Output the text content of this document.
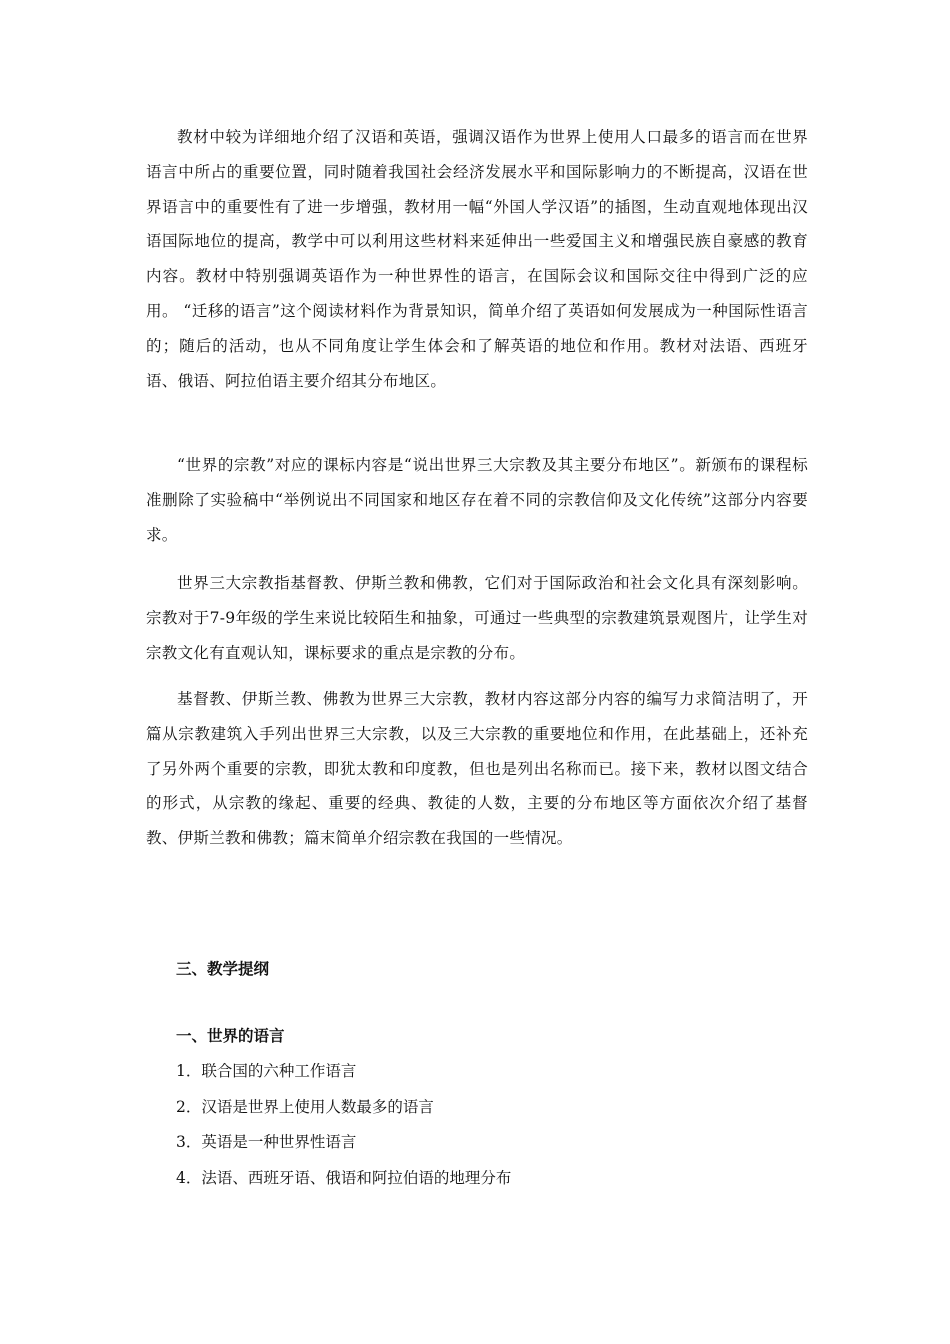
教材中较为详细地介绍了汉语和英语，强调汉语作为世界上使用人口最多的语言而在世界语言中所占的重要位置，同时随着我国社会经济发展水平和国际影响力的不断提高，汉语在世界语言中的重要性有了进一步增强，教材用一幅“外国人学汉语”的插图，生动直观地体现出汉语国际地位的提高，教学中可以利用这些材料来延伸出一些爱国主义和增强民族自豪感的教育内容。教材中特别强调英语作为一种世界性的语言，在国际会议和国际交往中得到广泛的应用。 “迁移的语言”这个阅读材料作为背景知识，简单介绍了英语如何发展成为一种国际性语言的；随后的活动，也从不同角度让学生体会和了解英语的地位和作用。教材对法语、西班牙语、俄语、阿拉伯语主要介绍其分布地区。

“世界的宗教”对应的课标内容是“说出世界三大宗教及其主要分布地区”。新颁布的课程标准删除了实验稿中“举例说出不同国家和地区存在着不同的宗教信仰及文化传统”这部分内容要求。

世界三大宗教指基督教、伊斯兰教和佛教，它们对于国际政治和社会文化具有深刻影响。宗教对于7-9年级的学生来说比较陌生和抽象，可通过一些典型的宗教建筑景观图片，让学生对宗教文化有直观认知，课标要求的重点是宗教的分布。

基督教、伊斯兰教、佛教为世界三大宗教，教材内容这部分内容的编写力求简洁明了，开篇从宗教建筑入手列出世界三大宗教，以及三大宗教的重要地位和作用，在此基础上，还补充了另外两个重要的宗教，即犹太教和印度教，但也是列出名称而已。接下来，教材以图文结合的形式，从宗教的缘起、重要的经典、教徒的人数，主要的分布地区等方面依次介绍了基督教、伊斯兰教和佛教；篇末简单介绍宗教在我国的一些情况。

三、教学提纲
一、世界的语言
1．联合国的六种工作语言
2．汉语是世界上使用人数最多的语言
3．英语是一种世界性语言
4．法语、西班牙语、俄语和阿拉伯语的地理分布
